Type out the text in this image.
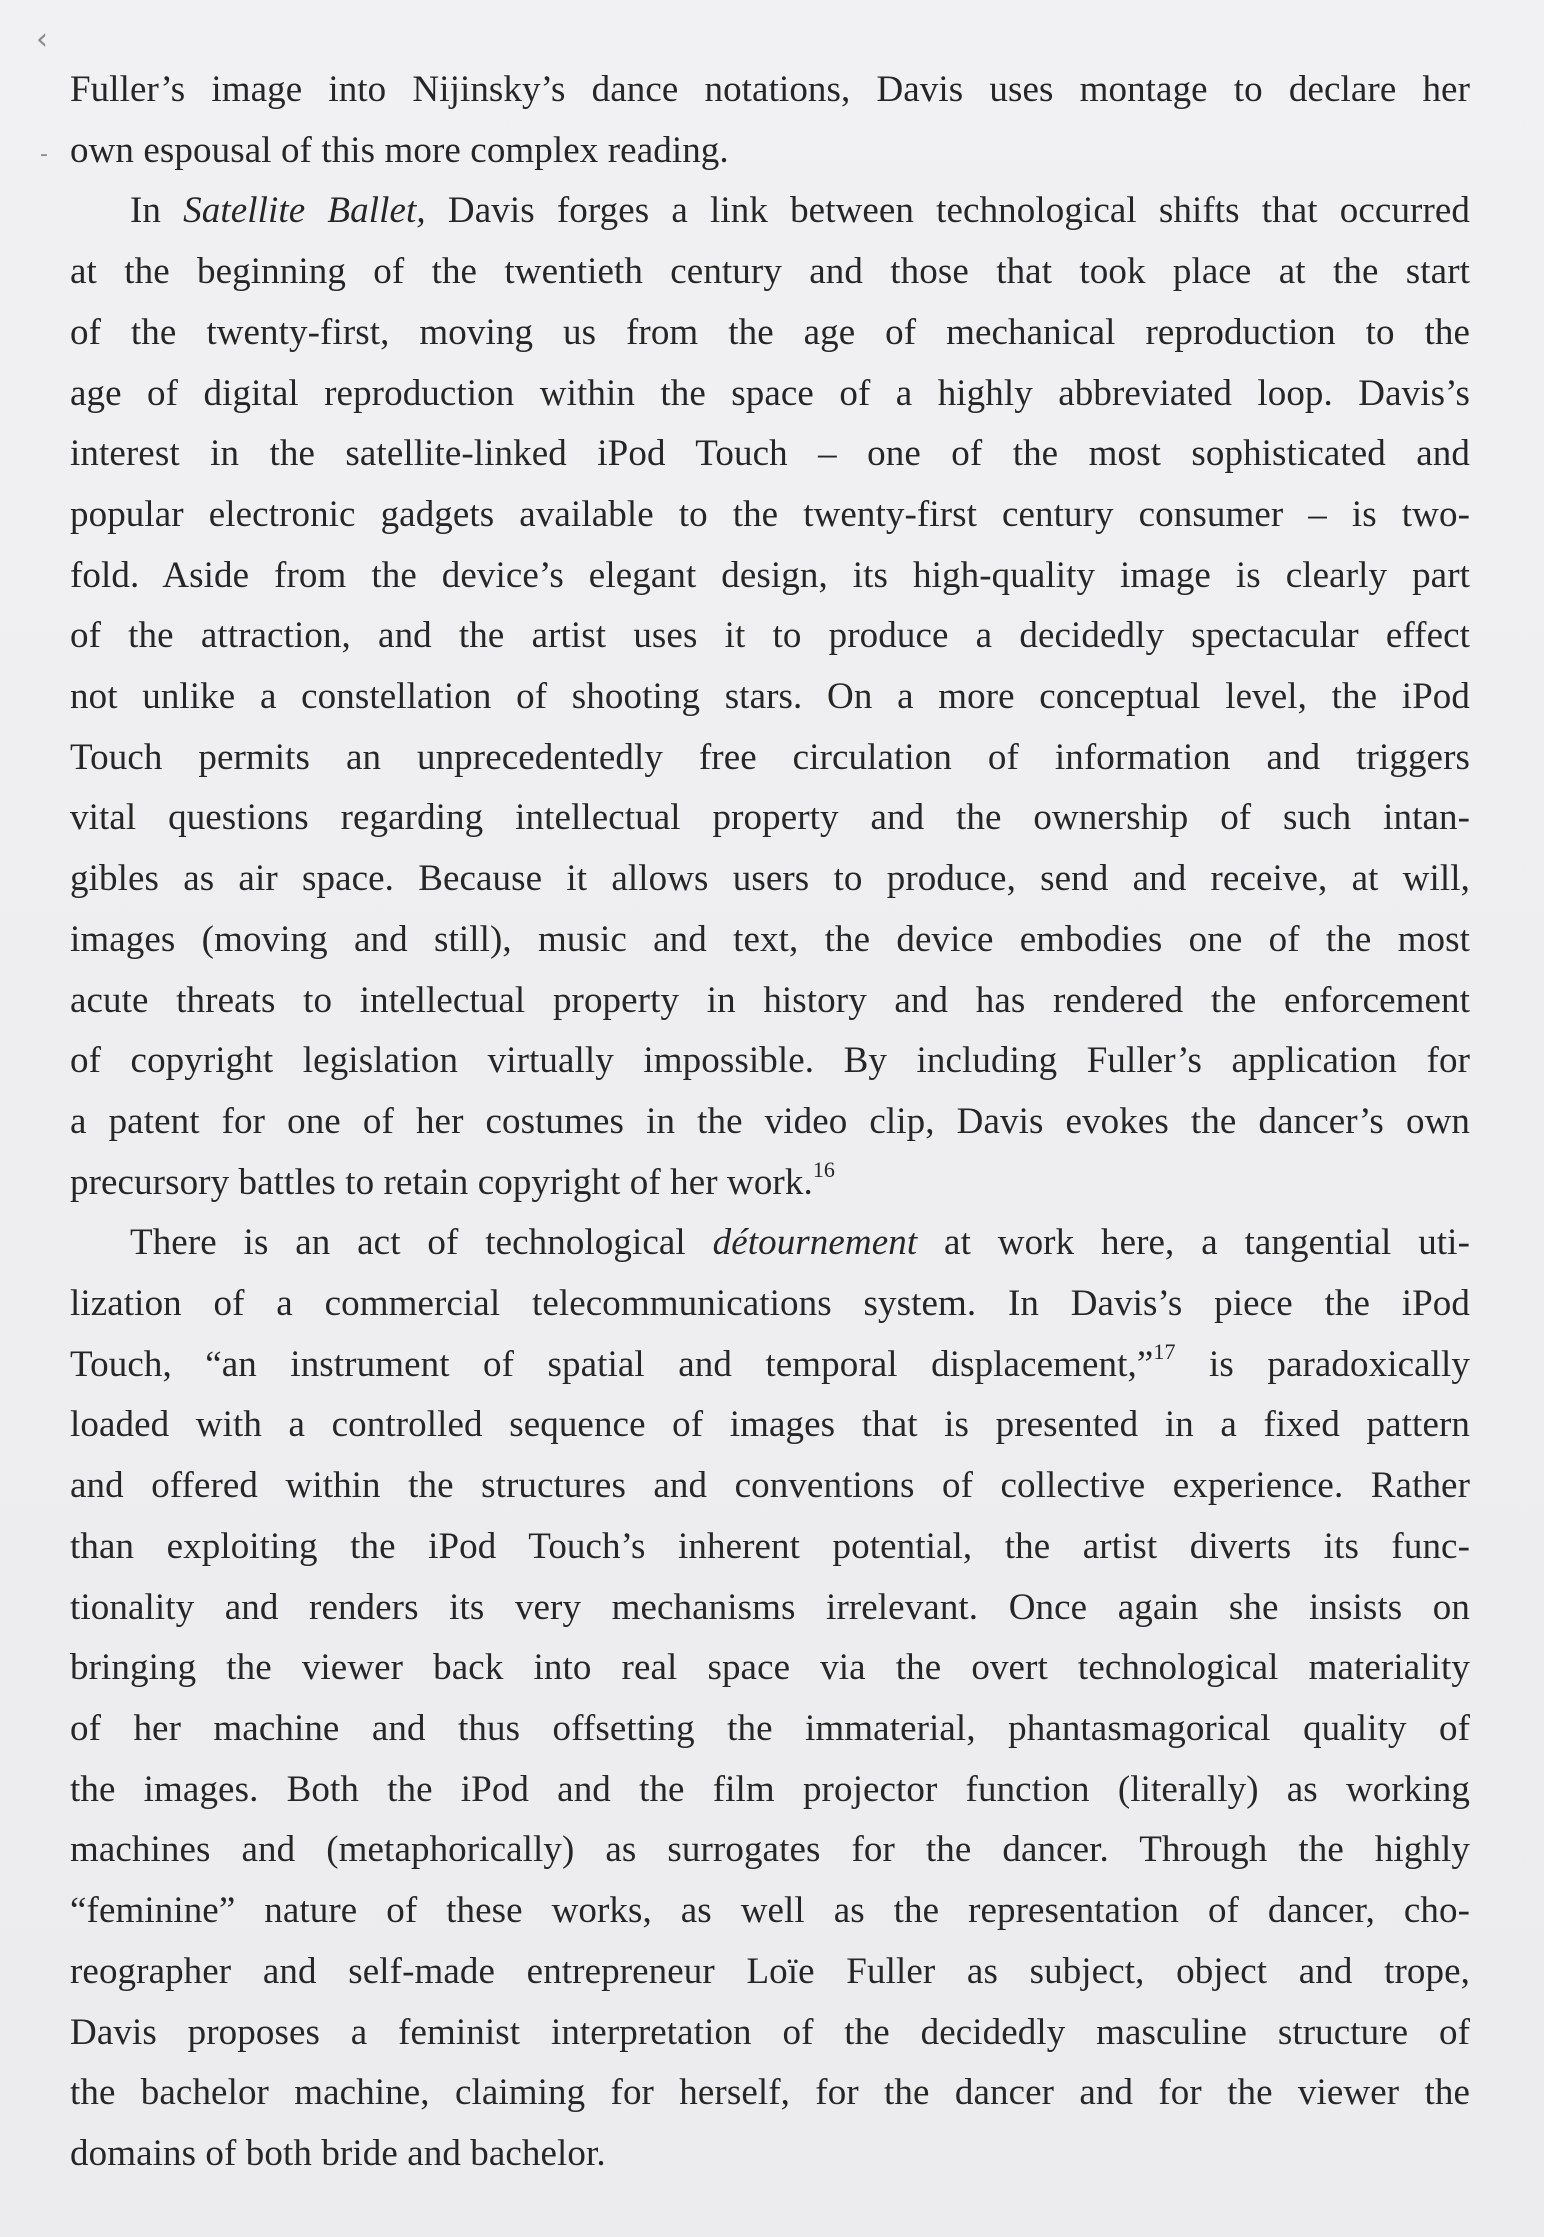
‹
-
Fuller’s image into Nijinsky’s dance notations, Davis uses montage to declare her
own espousal of this more complex reading.
In Satellite Ballet, Davis forges a link between technological shifts that occurred
at the beginning of the twentieth century and those that took place at the start
of the twenty-first, moving us from the age of mechanical reproduction to the
age of digital reproduction within the space of a highly abbreviated loop. Davis’s
interest in the satellite-linked iPod Touch – one of the most sophisticated and
popular electronic gadgets available to the twenty-first century consumer – is two-
fold. Aside from the device’s elegant design, its high-quality image is clearly part
of the attraction, and the artist uses it to produce a decidedly spectacular effect
not unlike a constellation of shooting stars. On a more conceptual level, the iPod
Touch permits an unprecedentedly free circulation of information and triggers
vital questions regarding intellectual property and the ownership of such intan-
gibles as air space. Because it allows users to produce, send and receive, at will,
images (moving and still), music and text, the device embodies one of the most
acute threats to intellectual property in history and has rendered the enforcement
of copyright legislation virtually impossible. By including Fuller’s application for
a patent for one of her costumes in the video clip, Davis evokes the dancer’s own
precursory battles to retain copyright of her work.$^{16}$
There is an act of technological détournement at work here, a tangential uti-
lization of a commercial telecommunications system. In Davis’s piece the iPod
Touch, “an instrument of spatial and temporal displacement,”$^{17}$ is paradoxically
loaded with a controlled sequence of images that is presented in a fixed pattern
and offered within the structures and conventions of collective experience. Rather
than exploiting the iPod Touch’s inherent potential, the artist diverts its func-
tionality and renders its very mechanisms irrelevant. Once again she insists on
bringing the viewer back into real space via the overt technological materiality
of her machine and thus offsetting the immaterial, phantasmagorical quality of
the images. Both the iPod and the film projector function (literally) as working
machines and (metaphorically) as surrogates for the dancer. Through the highly
“feminine” nature of these works, as well as the representation of dancer, cho-
reographer and self-made entrepreneur Loïe Fuller as subject, object and trope,
Davis proposes a feminist interpretation of the decidedly masculine structure of
the bachelor machine, claiming for herself, for the dancer and for the viewer the
domains of both bride and bachelor.
